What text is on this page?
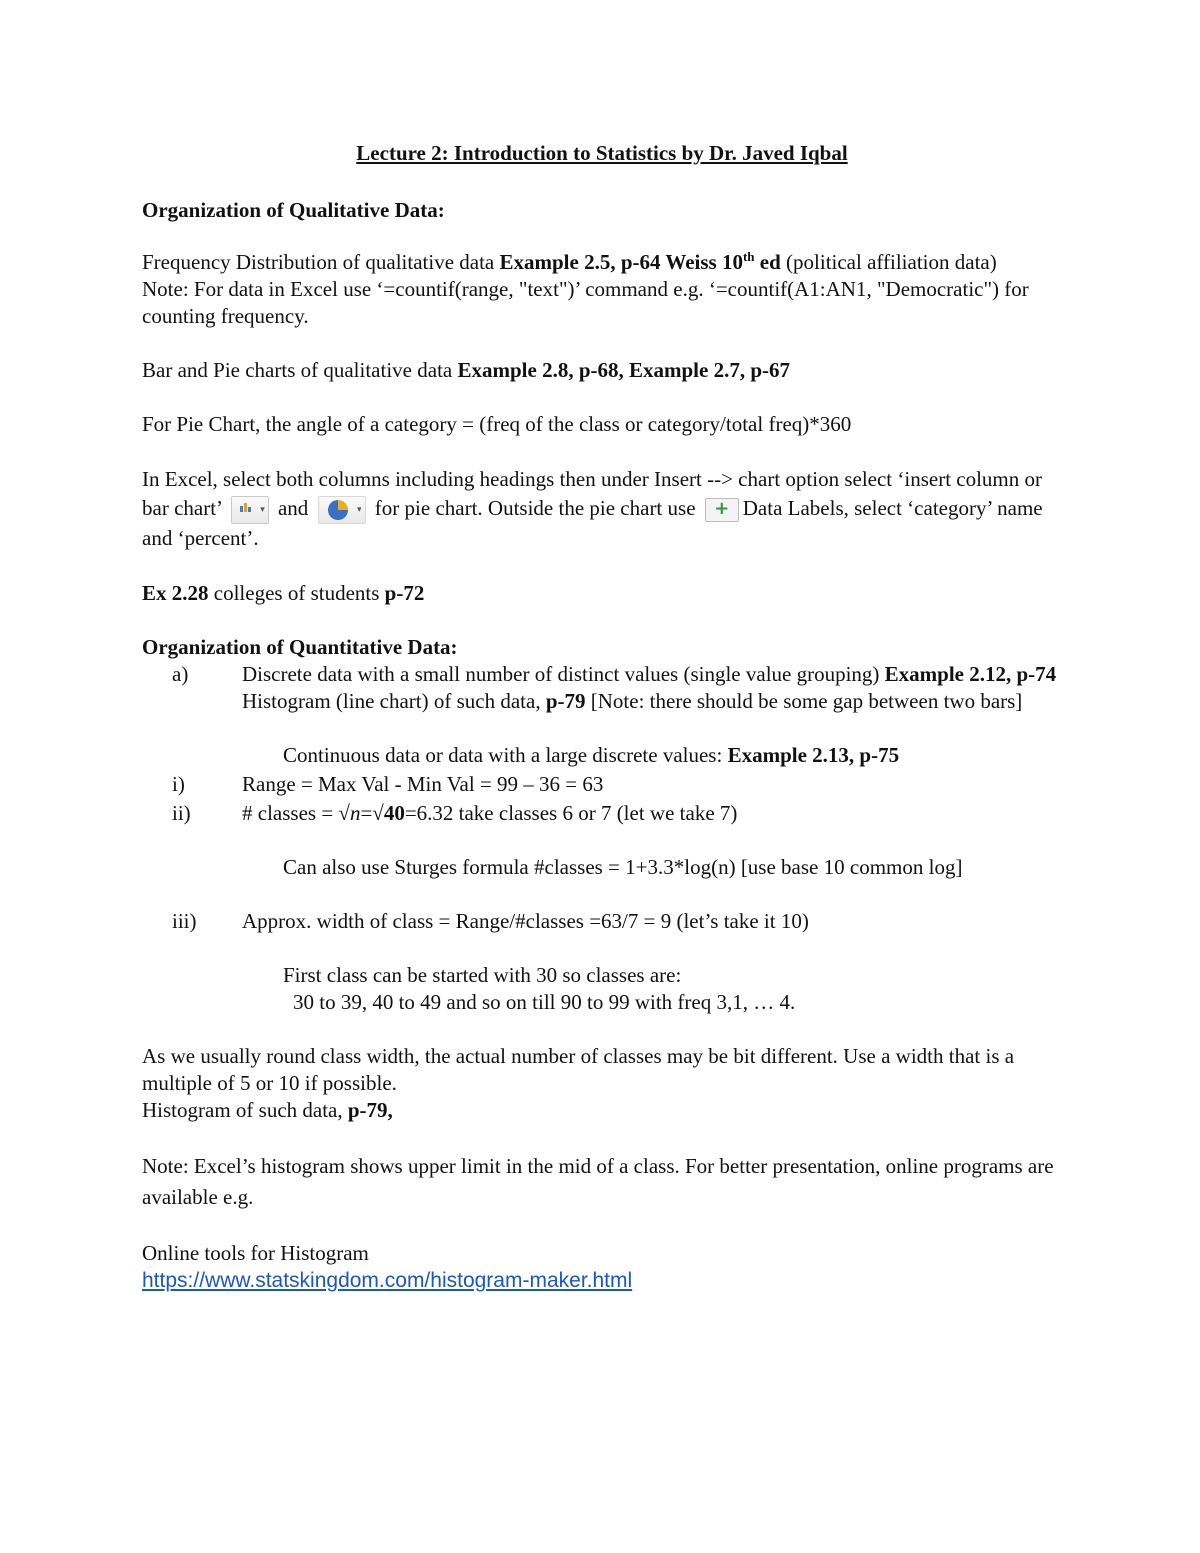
Lecture 2: Introduction to Statistics by Dr. Javed Iqbal

Organization of Qualitative Data:

Frequency Distribution of qualitative data Example 2.5, p-64 Weiss 10th ed (political affiliation data)

Note: For data in Excel use ‘=countif(range, "text")’ command e.g. ‘=countif(A1:AN1, "Democratic") for counting frequency.

Bar and Pie charts of qualitative data Example 2.8, p-68, Example 2.7, p-67

For Pie Chart, the angle of a category = (freq of the class or category/total freq)*360

In Excel, select both columns including headings then under Insert --> chart option select ‘insert column or bar chart’	▾ and	▾ for pie chart. Outside the pie chart use	+ Data Labels, select ‘category’ name and ‘percent’.

Ex 2.28 colleges of students p-72

Organization of Quantitative Data:

a)	Discrete data with a small number of distinct values (single value grouping) Example 2.12, p-74
Histogram (line chart) of such data, p-79 [Note: there should be some gap between two bars]

Continuous data or data with a large discrete values: Example 2.13, p-75

i)	Range = Max Val - Min Val = 99 – 36 = 63
ii)	# classes = √n=√40=6.32 take classes 6 or 7 (let we take 7)

Can also use Sturges formula #classes = 1+3.3*log(n) [use base 10 common log]

iii)	Approx. width of class = Range/#classes =63/7 = 9 (let’s take it 10)

First class can be started with 30 so classes are:

30 to 39, 40 to 49 and so on till 90 to 99 with freq 3,1, … 4.

As we usually round class width, the actual number of classes may be bit different. Use a width that is a multiple of 5 or 10 if possible.

Histogram of such data, p-79,

Note: Excel’s histogram shows upper limit in the mid of a class. For better presentation, online programs are available e.g.

Online tools for Histogram

https://www.statskingdom.com/histogram-maker.html
